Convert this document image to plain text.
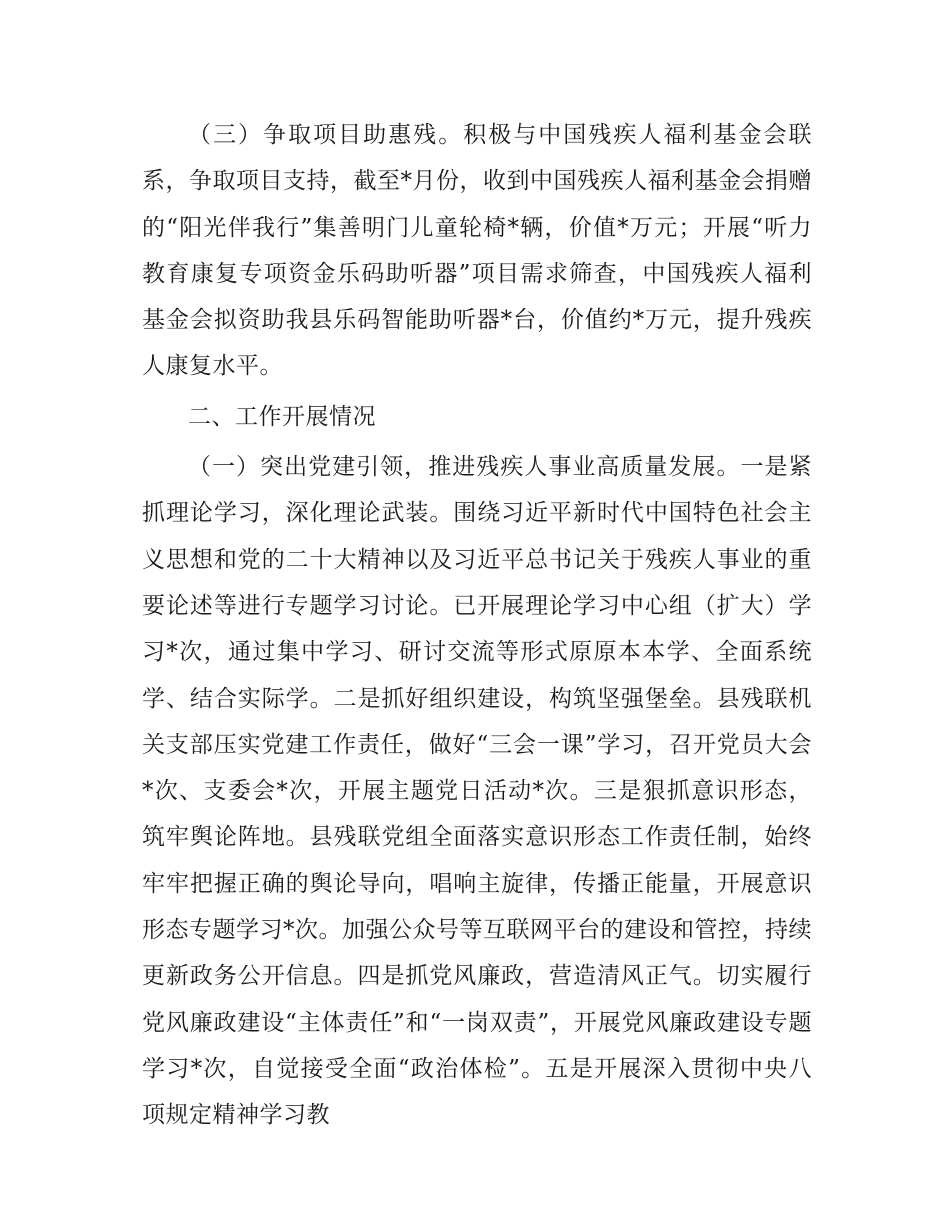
（三）争取项目助惠残。积极与中国残疾人福利基金会联系，争取项目支持，截至*月份，收到中国残疾人福利基金会捐赠的“阳光伴我行”集善明门儿童轮椅*辆，价值*万元；开展“听力教育康复专项资金乐码助听器”项目需求筛查，中国残疾人福利基金会拟资助我县乐码智能助听器*台，价值约*万元，提升残疾人康复水平。

二、工作开展情况

（一）突出党建引领，推进残疾人事业高质量发展。一是紧抓理论学习，深化理论武装。围绕习近平新时代中国特色社会主义思想和党的二十大精神以及习近平总书记关于残疾人事业的重要论述等进行专题学习讨论。已开展理论学习中心组（扩大）学习*次，通过集中学习、研讨交流等形式原原本本学、全面系统学、结合实际学。二是抓好组织建设，构筑坚强堡垒。县残联机关支部压实党建工作责任，做好“三会一课”学习，召开党员大会*次、支委会*次，开展主题党日活动*次。三是狠抓意识形态，筑牢舆论阵地。县残联党组全面落实意识形态工作责任制，始终牢牢把握正确的舆论导向，唱响主旋律，传播正能量，开展意识形态专题学习*次。加强公众号等互联网平台的建设和管控，持续更新政务公开信息。四是抓党风廉政，营造清风正气。切实履行党风廉政建设“主体责任”和“一岗双责”，开展党风廉政建设专题学习*次，自觉接受全面“政治体检”。五是开展深入贯彻中央八项规定精神学习教
